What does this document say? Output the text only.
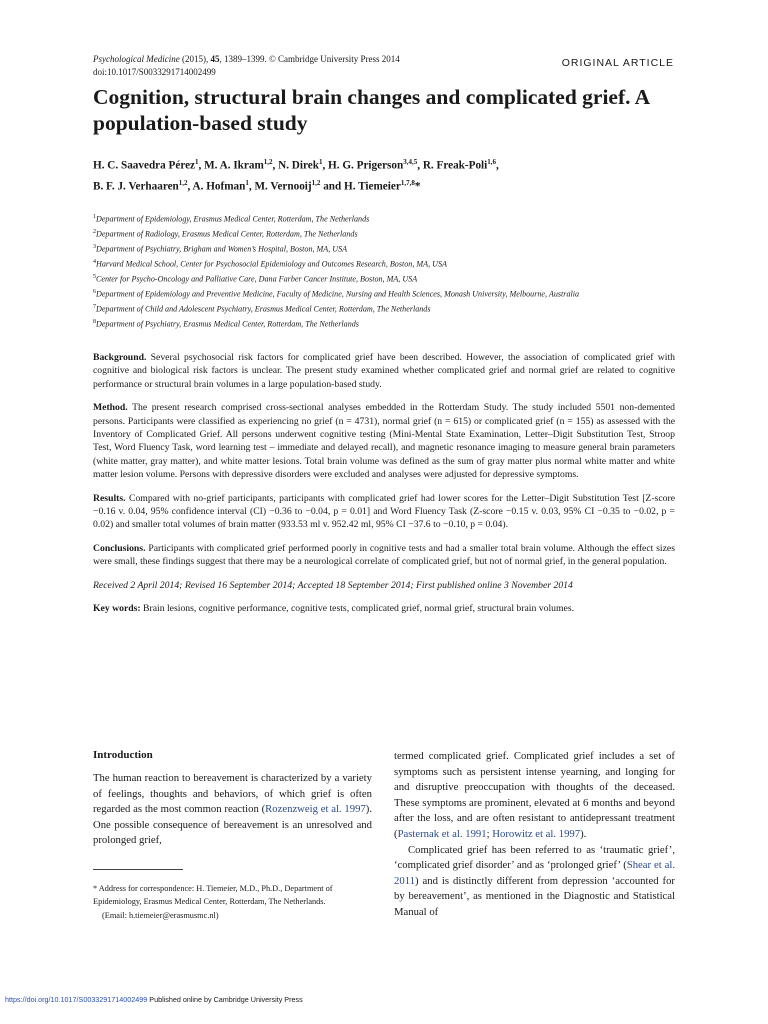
Psychological Medicine (2015), 45, 1389–1399. © Cambridge University Press 2014
doi:10.1017/S0033291714002499
ORIGINAL ARTICLE
Cognition, structural brain changes and complicated grief. A population-based study
H. C. Saavedra Pérez$^1$, M. A. Ikram$^{1,2}$, N. Direk$^1$, H. G. Prigerson$^{3,4,5}$, R. Freak-Poli$^{1,6}$,
B. F. J. Verhaaren$^{1,2}$, A. Hofman$^1$, M. Vernooij$^{1,2}$ and H. Tiemeier$^{1,7,8}$*
$^1$Department of Epidemiology, Erasmus Medical Center, Rotterdam, The Netherlands
$^2$Department of Radiology, Erasmus Medical Center, Rotterdam, The Netherlands
$^3$Department of Psychiatry, Brigham and Women’s Hospital, Boston, MA, USA
$^4$Harvard Medical School, Center for Psychosocial Epidemiology and Outcomes Research, Boston, MA, USA
$^5$Center for Psycho-Oncology and Palliative Care, Dana Farber Cancer Institute, Boston, MA, USA
$^6$Department of Epidemiology and Preventive Medicine, Faculty of Medicine, Nursing and Health Sciences, Monash University, Melbourne, Australia
$^7$Department of Child and Adolescent Psychiatry, Erasmus Medical Center, Rotterdam, The Netherlands
$^8$Department of Psychiatry, Erasmus Medical Center, Rotterdam, The Netherlands

Background. Several psychosocial risk factors for complicated grief have been described. However, the association of complicated grief with cognitive and biological risk factors is unclear. The present study examined whether complicated grief and normal grief are related to cognitive performance or structural brain volumes in a large population-based study.

Method. The present research comprised cross-sectional analyses embedded in the Rotterdam Study. The study included 5501 non-demented persons. Participants were classified as experiencing no grief (n = 4731), normal grief (n = 615) or complicated grief (n = 155) as assessed with the Inventory of Complicated Grief. All persons underwent cognitive testing (Mini-Mental State Examination, Letter–Digit Substitution Test, Stroop Test, Word Fluency Task, word learning test – immediate and delayed recall), and magnetic resonance imaging to measure general brain parameters (white matter, gray matter), and white matter lesions. Total brain volume was defined as the sum of gray matter plus normal white matter and white matter lesion volume. Persons with depressive disorders were excluded and analyses were adjusted for depressive symptoms.

Results. Compared with no-grief participants, participants with complicated grief had lower scores for the Letter–Digit Substitution Test [Z-score −0.16 v. 0.04, 95% confidence interval (CI) −0.36 to −0.04, p = 0.01] and Word Fluency Task (Z-score −0.15 v. 0.03, 95% CI −0.35 to −0.02, p = 0.02) and smaller total volumes of brain matter (933.53 ml v. 952.42 ml, 95% CI −37.6 to −0.10, p = 0.04).

Conclusions. Participants with complicated grief performed poorly in cognitive tests and had a smaller total brain volume. Although the effect sizes were small, these findings suggest that there may be a neurological correlate of complicated grief, but not of normal grief, in the general population.

Received 2 April 2014; Revised 16 September 2014; Accepted 18 September 2014; First published online 3 November 2014

Key words: Brain lesions, cognitive performance, cognitive tests, complicated grief, normal grief, structural brain volumes.

Introduction

The human reaction to bereavement is characterized by a variety of feelings, thoughts and behaviors, of which grief is often regarded as the most common reaction (Rozenzweig et al. 1997). One possible consequence of bereavement is an unresolved and prolonged grief,

termed complicated grief. Complicated grief includes a set of symptoms such as persistent intense yearning, and longing for and disruptive preoccupation with thoughts of the deceased. These symptoms are prominent, elevated at 6 months and beyond after the loss, and are often resistant to antidepressant treatment (Pasternak et al. 1991; Horowitz et al. 1997).

Complicated grief has been referred to as ‘traumatic grief’, ‘complicated grief disorder’ and as ‘prolonged grief’ (Shear et al. 2011) and is distinctly different from depression ‘accounted for by bereavement’, as mentioned in the Diagnostic and Statistical Manual of

* Address for correspondence: H. Tiemeier, M.D., Ph.D., Department of Epidemiology, Erasmus Medical Center, Rotterdam, The Netherlands.
(Email: h.tiemeier@erasmusmc.nl)
https://doi.org/10.1017/S0033291714002499 Published online by Cambridge University Press
